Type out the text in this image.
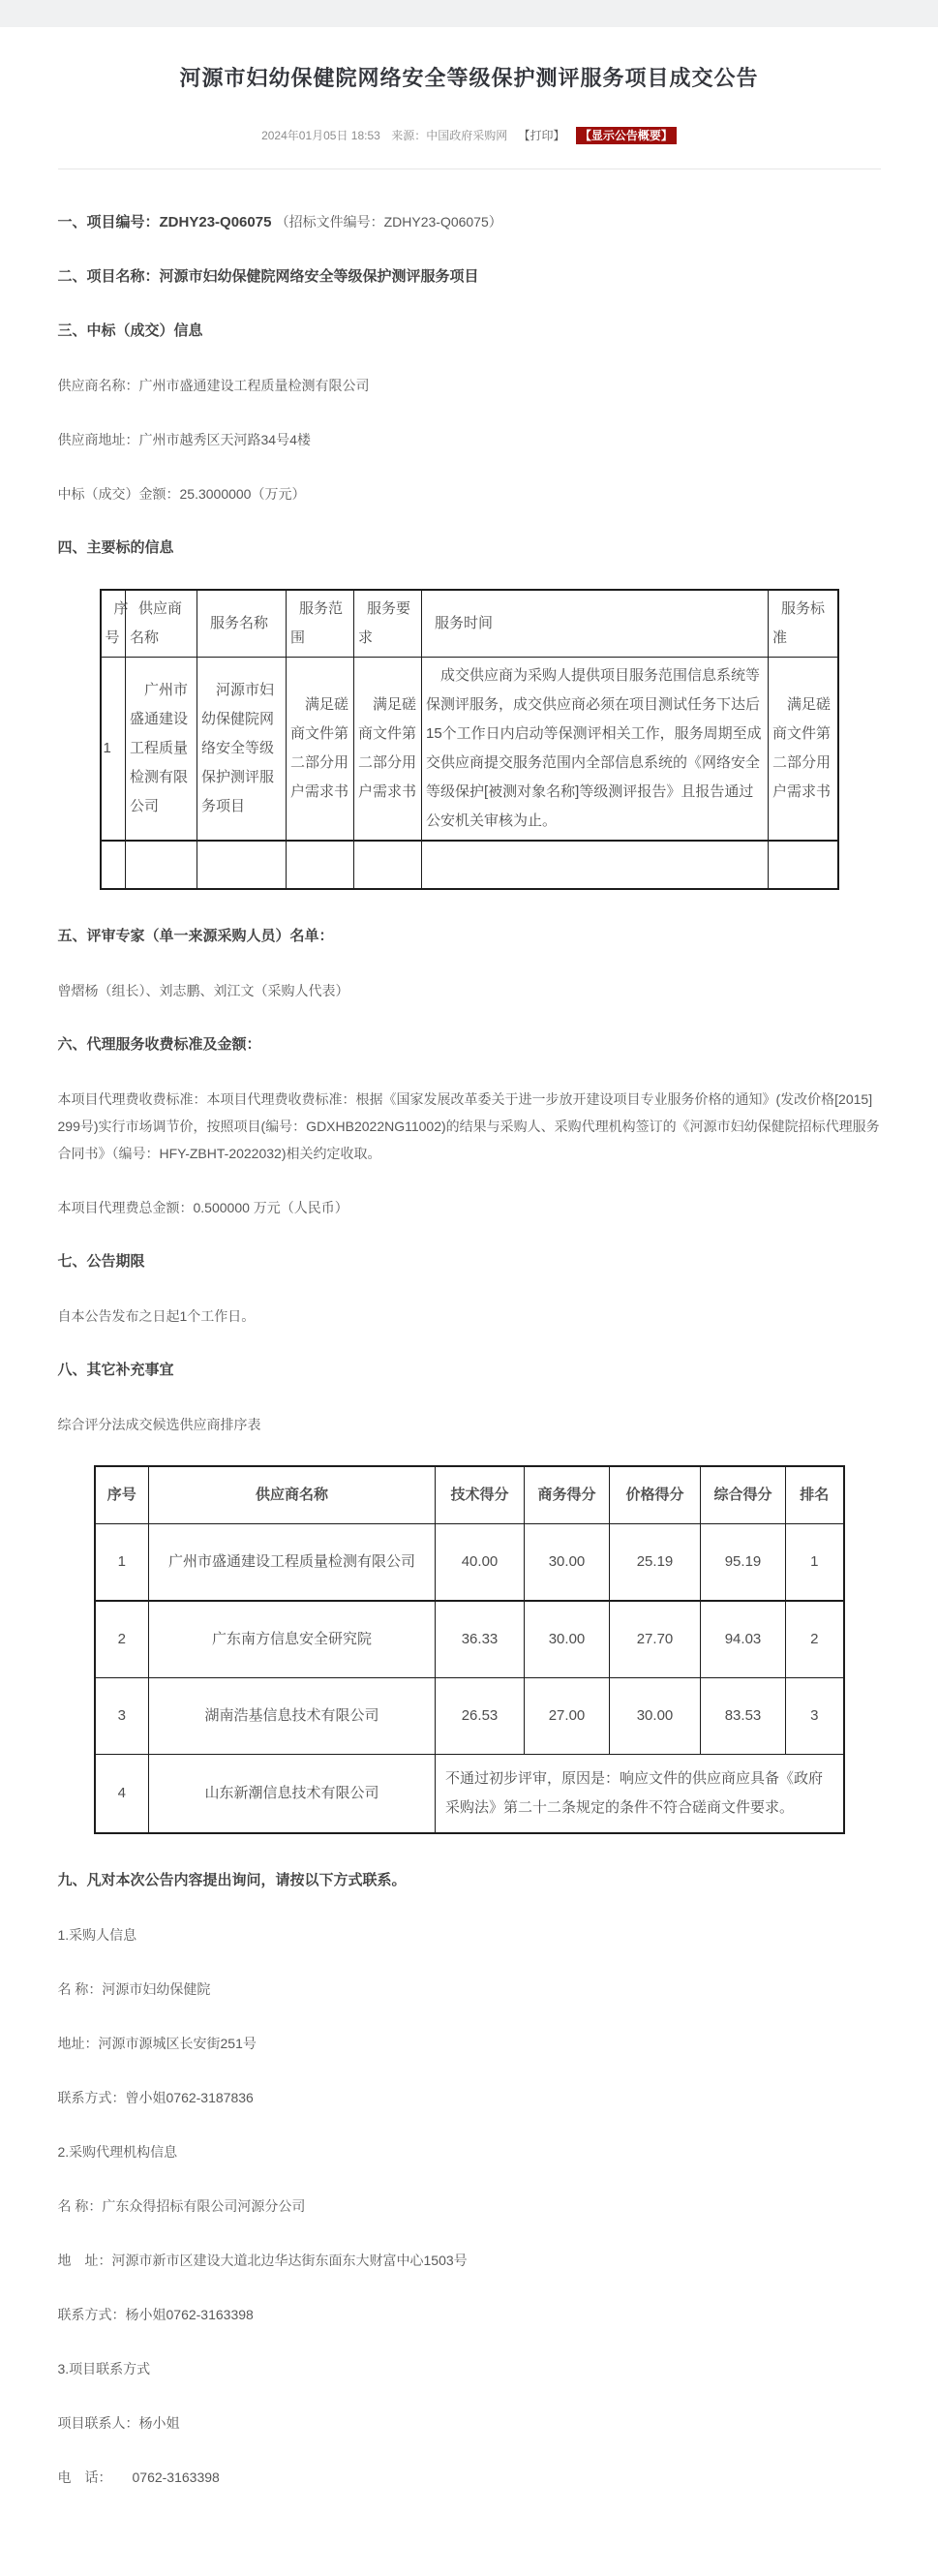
河源市妇幼保健院网络安全等级保护测评服务项目成交公告
2024年01月05日 18:53 来源：中国政府采购网 【打印】 【显示公告概要】
一、项目编号：ZDHY23-Q06075 （招标文件编号：ZDHY23-Q06075）
二、项目名称：河源市妇幼保健院网络安全等级保护测评服务项目
三、中标（成交）信息

供应商名称：广州市盛通建设工程质量检测有限公司

供应商地址：广州市越秀区天河路34号4楼

中标（成交）金额：25.3000000（万元）

四、主要标的信息
序号	供应商名称	服务名称	服务范围	服务要求	服务时间	服务标准
1	广州市盛通建设工程质量检测有限公司	河源市妇幼保健院网络安全等级保护测评服务项目	满足磋商文件第二部分用户需求书	满足磋商文件第二部分用户需求书	成交供应商为采购人提供项目服务范围信息系统等保测评服务，成交供应商必须在项目测试任务下达后15个工作日内启动等保测评相关工作，服务周期至成交供应商提交服务范围内全部信息系统的《网络安全等级保护[被测对象名称]等级测评报告》且报告通过公安机关审核为止。	满足磋商文件第二部分用户需求书

五、评审专家（单一来源采购人员）名单：

曾熠杨（组长）、刘志鹏、刘江文（采购人代表）

六、代理服务收费标准及金额：

本项目代理费收费标准：本项目代理费收费标准：根据《国家发展改革委关于进一步放开建设项目专业服务价格的通知》(发改价格[2015] 299号)实行市场调节价，按照项目(编号：GDXHB2022NG11002)的结果与采购人、采购代理机构签订的《河源市妇幼保健院招标代理服务合同书》（编号：HFY-ZBHT-2022032)相关约定收取。

本项目代理费总金额：0.500000 万元（人民币）

七、公告期限

自本公告发布之日起1个工作日。

八、其它补充事宜

综合评分法成交候选供应商排序表

序号	供应商名称	技术得分	商务得分	价格得分	综合得分	排名
1	广州市盛通建设工程质量检测有限公司	40.00	30.00	25.19	95.19	1
2	广东南方信息安全研究院	36.33	30.00	27.70	94.03	2
3	湖南浩基信息技术有限公司	26.53	27.00	30.00	83.53	3
4	山东新潮信息技术有限公司	不通过初步评审，原因是：响应文件的供应商应具备《政府采购法》第二十二条规定的条件不符合磋商文件要求。				
九、凡对本次公告内容提出询问，请按以下方式联系。

1.采购人信息

名 称：河源市妇幼保健院

地址：河源市源城区长安街251号

联系方式：曾小姐0762-3187836

2.采购代理机构信息

名 称：广东众得招标有限公司河源分公司

地　址：河源市新市区建设大道北边华达街东面东大财富中心1503号

联系方式：杨小姐0762-3163398

3.项目联系方式

项目联系人：杨小姐

电　话：　　0762-3163398
